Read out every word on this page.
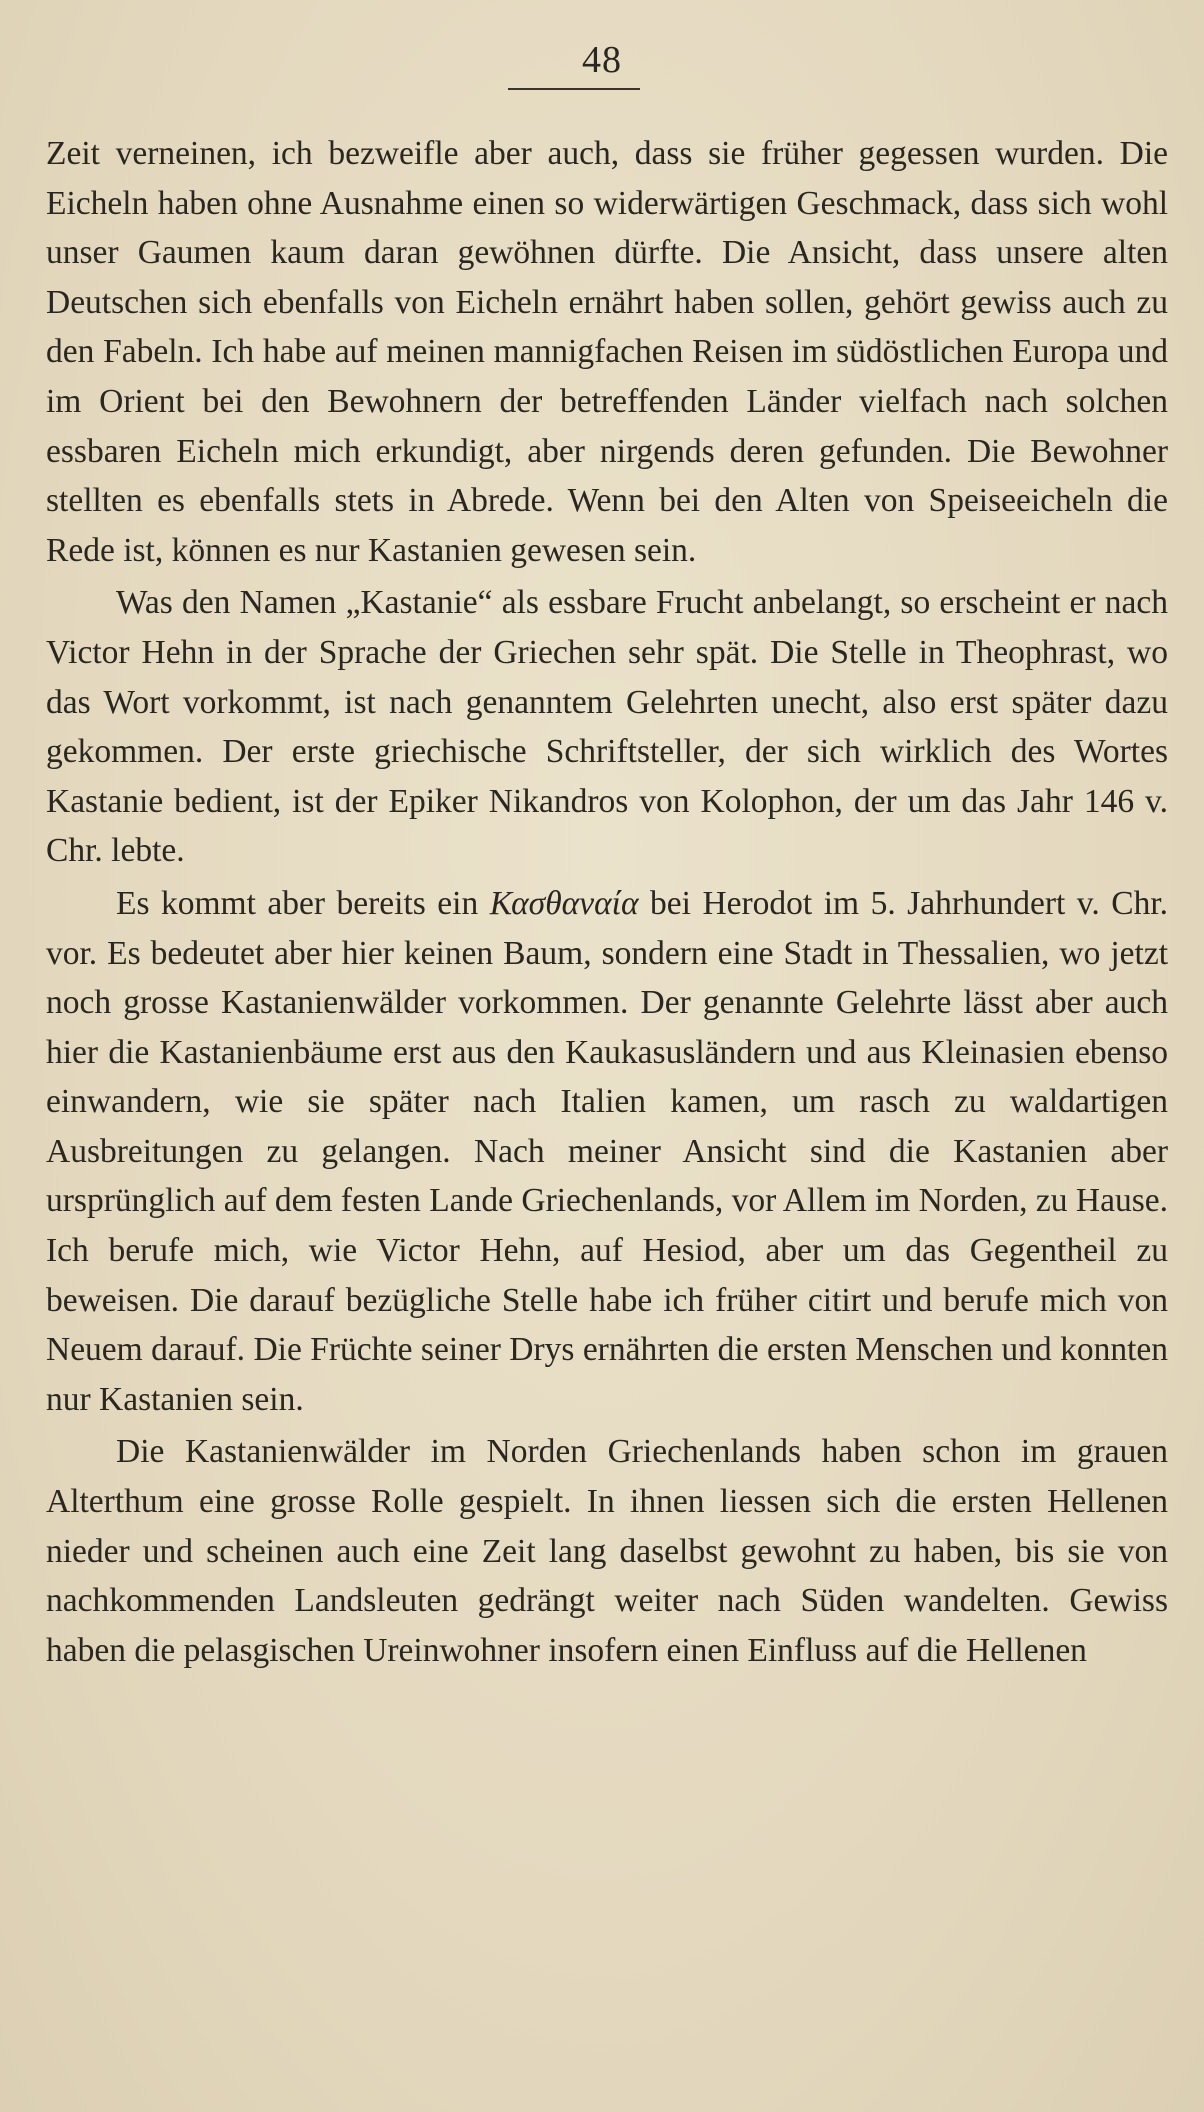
48

Zeit verneinen, ich bezweifle aber auch, dass sie früher gegessen wurden. Die Eicheln haben ohne Ausnahme einen so widerwärtigen Geschmack, dass sich wohl unser Gaumen kaum daran gewöhnen dürfte. Die Ansicht, dass unsere alten Deutschen sich ebenfalls von Eicheln ernährt haben sollen, gehört gewiss auch zu den Fabeln. Ich habe auf meinen mannigfachen Reisen im südöstlichen Europa und im Orient bei den Bewohnern der betreffenden Länder vielfach nach solchen essbaren Eicheln mich erkundigt, aber nirgends deren gefunden. Die Bewohner stellten es ebenfalls stets in Abrede. Wenn bei den Alten von Speiseeicheln die Rede ist, können es nur Kastanien gewesen sein.

Was den Namen „Kastanie“ als essbare Frucht anbelangt, so erscheint er nach Victor Hehn in der Sprache der Griechen sehr spät. Die Stelle in Theophrast, wo das Wort vorkommt, ist nach genanntem Gelehrten unecht, also erst später dazu gekommen. Der erste griechische Schriftsteller, der sich wirklich des Wortes Kastanie bedient, ist der Epiker Nikandros von Kolophon, der um das Jahr 146 v. Chr. lebte.

Es kommt aber bereits ein Κασθαναία bei Herodot im 5. Jahrhundert v. Chr. vor. Es bedeutet aber hier keinen Baum, sondern eine Stadt in Thessalien, wo jetzt noch grosse Kastanienwälder vorkommen. Der genannte Gelehrte lässt aber auch hier die Kastanienbäume erst aus den Kaukasusländern und aus Kleinasien ebenso einwandern, wie sie später nach Italien kamen, um rasch zu waldartigen Ausbreitungen zu gelangen. Nach meiner Ansicht sind die Kastanien aber ursprünglich auf dem festen Lande Griechenlands, vor Allem im Norden, zu Hause. Ich berufe mich, wie Victor Hehn, auf Hesiod, aber um das Gegentheil zu beweisen. Die darauf bezügliche Stelle habe ich früher citirt und berufe mich von Neuem darauf. Die Früchte seiner Drys ernährten die ersten Menschen und konnten nur Kastanien sein.

Die Kastanienwälder im Norden Griechenlands haben schon im grauen Alterthum eine grosse Rolle gespielt. In ihnen liessen sich die ersten Hellenen nieder und scheinen auch eine Zeit lang daselbst gewohnt zu haben, bis sie von nachkommenden Landsleuten gedrängt weiter nach Süden wandelten. Gewiss haben die pelasgischen Ureinwohner insofern einen Einfluss auf die Hellenen
